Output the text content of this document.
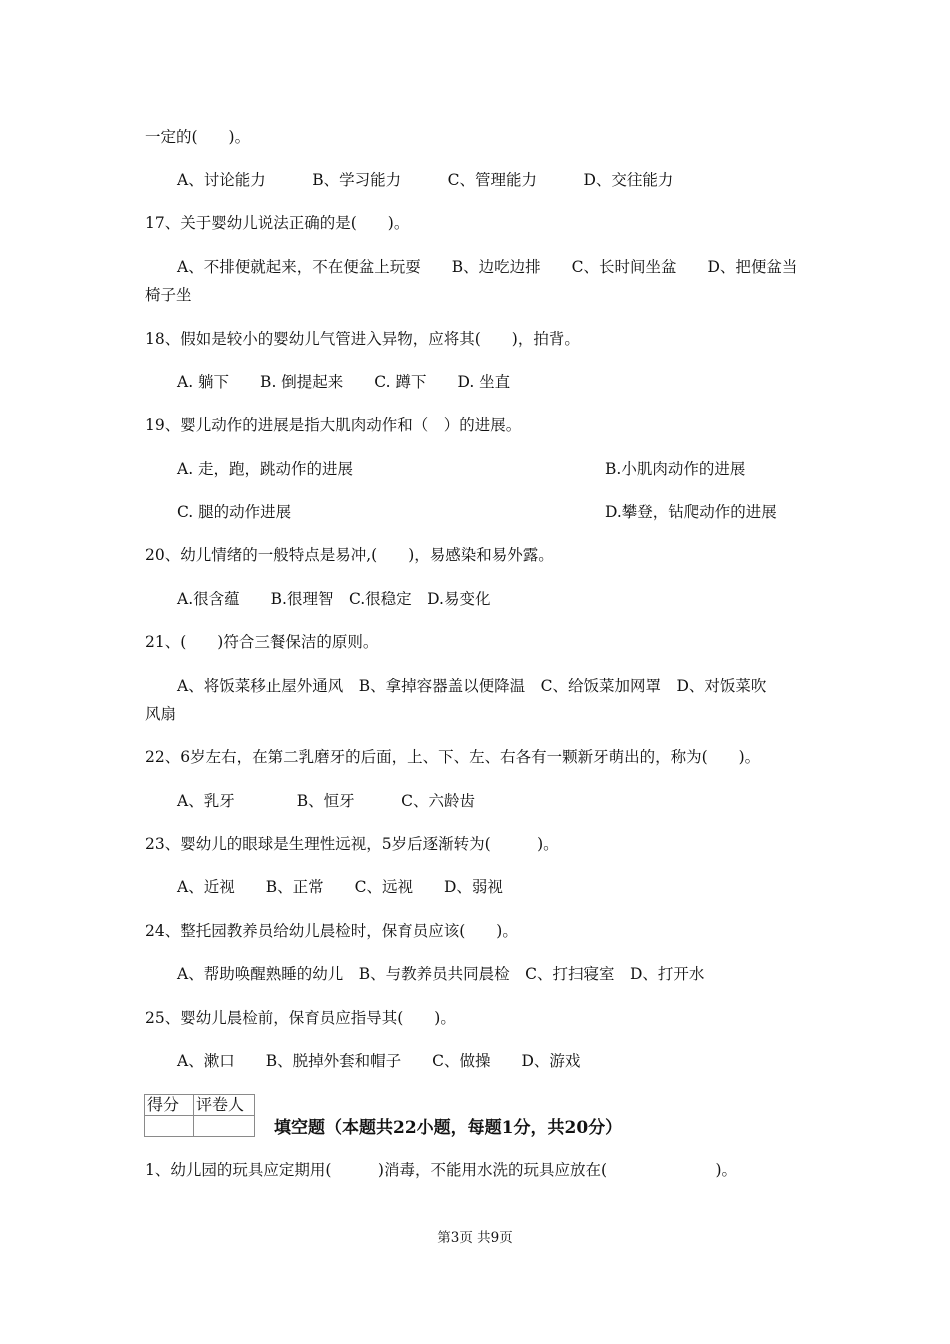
一定的(　　)。

A、讨论能力　　　B、学习能力　　　C、管理能力　　　D、交往能力

17、关于婴幼儿说法正确的是(　　)。

A、不排便就起来，不在便盆上玩耍　　B、边吃边排　　C、长时间坐盆　　D、把便盆当

椅子坐

18、假如是较小的婴幼儿气管进入异物，应将其(　　)，拍背。

A. 躺下　　B. 倒提起来　　C. 蹲下　　D. 坐直

19、婴儿动作的进展是指大肌肉动作和（　）的进展。

A. 走，跑，跳动作的进展	B.小肌肉动作的进展
C. 腿的动作进展	D.攀登，钻爬动作的进展

20、幼儿情绪的一般特点是易冲,(　　)，易感染和易外露。

A.很含蕴　　B.很理智　C.很稳定　D.易变化

21、(　　)符合三餐保洁的原则。

A、将饭菜移止屋外通风　B、拿掉容器盖以便降温　C、给饭菜加网罩　D、对饭菜吹

风扇

22、6岁左右，在第二乳磨牙的后面，上、下、左、右各有一颗新牙萌出的，称为(　　)。

A、乳牙　　　　B、恒牙　　　C、六龄齿

23、婴幼儿的眼球是生理性远视，5岁后逐渐转为(　　　)。

A、近视　　B、正常　　C、远视　　D、弱视

24、整托园教养员给幼儿晨检时，保育员应该(　　)。

A、帮助唤醒熟睡的幼儿　B、与教养员共同晨检　C、打扫寝室　D、打开水

25、婴幼儿晨检前，保育员应指导其(　　)。

A、漱口　　B、脱掉外套和帽子　　C、做操　　D、游戏

得分	评卷人

填空题（本题共22小题，每题1分，共20分）

1、幼儿园的玩具应定期用(　　　)消毒，不能用水洗的玩具应放在(　　　　　　　)。

第3页 共9页
